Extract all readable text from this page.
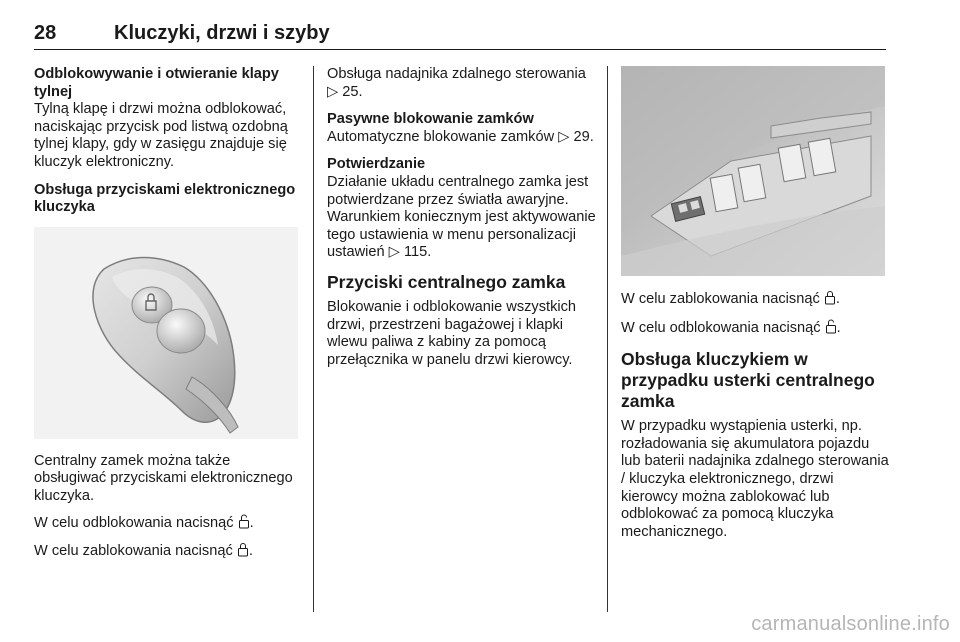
28	Kluczyki, drzwi i szyby

Odblokowywanie i otwieranie klapy tylnej

Tylną klapę i drzwi można odblokować, naciskając przycisk pod listwą ozdobną tylnej klapy, gdy w zasięgu znajduje się kluczyk elektroniczny.

Obsługa przyciskami elektronicznego kluczyka

Centralny zamek można także obsługiwać przyciskami elektronicznego kluczyka.

W celu odblokowania nacisnąć .

W celu zablokowania nacisnąć .

Obsługa nadajnika zdalnego sterowania ▷ 25.

Pasywne blokowanie zamków

Automatyczne blokowanie zamków ▷ 29.

Potwierdzanie

Działanie układu centralnego zamka jest potwierdzane przez światła awaryjne. Warunkiem koniecznym jest aktywowanie tego ustawienia w menu personalizacji ustawień ▷ 115.

Przyciski centralnego zamka

Blokowanie i odblokowanie wszystkich drzwi, przestrzeni bagażowej i klapki wlewu paliwa z kabiny za pomocą przełącznika w panelu drzwi kierowcy.

W celu zablokowania nacisnąć .

W celu odblokowania nacisnąć .

Obsługa kluczykiem w przypadku usterki centralnego zamka

W przypadku wystąpienia usterki, np. rozładowania się akumulatora pojazdu lub baterii nadajnika zdalnego sterowania / kluczyka elektronicznego, drzwi kierowcy można zablokować lub odblokować za pomocą kluczyka mechanicznego.

carmanualsonline.info
